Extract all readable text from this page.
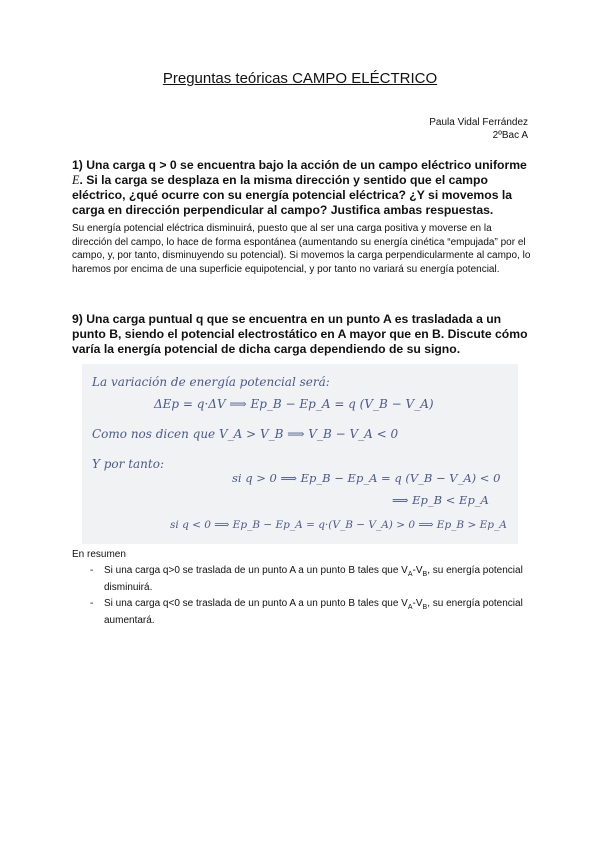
Preguntas teóricas CAMPO ELÉCTRICO
Paula Vidal Ferrández
2ºBac A
1) Una carga q > 0 se encuentra bajo la acción de un campo eléctrico uniforme E. Si la carga se desplaza en la misma dirección y sentido que el campo eléctrico, ¿qué ocurre con su energía potencial eléctrica? ¿Y si movemos la carga en dirección perpendicular al campo? Justifica ambas respuestas.
Su energía potencial eléctrica disminuirá, puesto que al ser una carga positiva y moverse en la dirección del campo, lo hace de forma espontánea (aumentando su energía cinética “empujada” por el campo, y, por tanto, disminuyendo su potencial). Si movemos la carga perpendicularmente al campo, lo haremos por encima de una superficie equipotencial, y por tanto no variará su energía potencial.
9) Una carga puntual q que se encuentra en un punto A es trasladada a un punto B, siendo el potencial electrostático en A mayor que en B. Discute cómo varía la energía potencial de dicha carga dependiendo de su signo.
La variación de energía potencial será:
ΔEp = q·ΔV ⟹ Ep_B − Ep_A = q (V_B − V_A)
Como nos dicen que V_A > V_B ⟹ V_B − V_A < 0
Y por tanto:
si q > 0 ⟹ Ep_B − Ep_A = q (V_B − V_A) < 0
⟹ Ep_B < Ep_A
si q < 0 ⟹ Ep_B − Ep_A = q·(V_B − V_A) > 0 ⟹ Ep_B > Ep_A
En resumen
- Si una carga q>0 se traslada de un punto A a un punto B tales que $V_A-V_B$, su energía potencial disminuirá.
- Si una carga q<0 se traslada de un punto A a un punto B tales que $V_A-V_B$, su energía potencial aumentará.
